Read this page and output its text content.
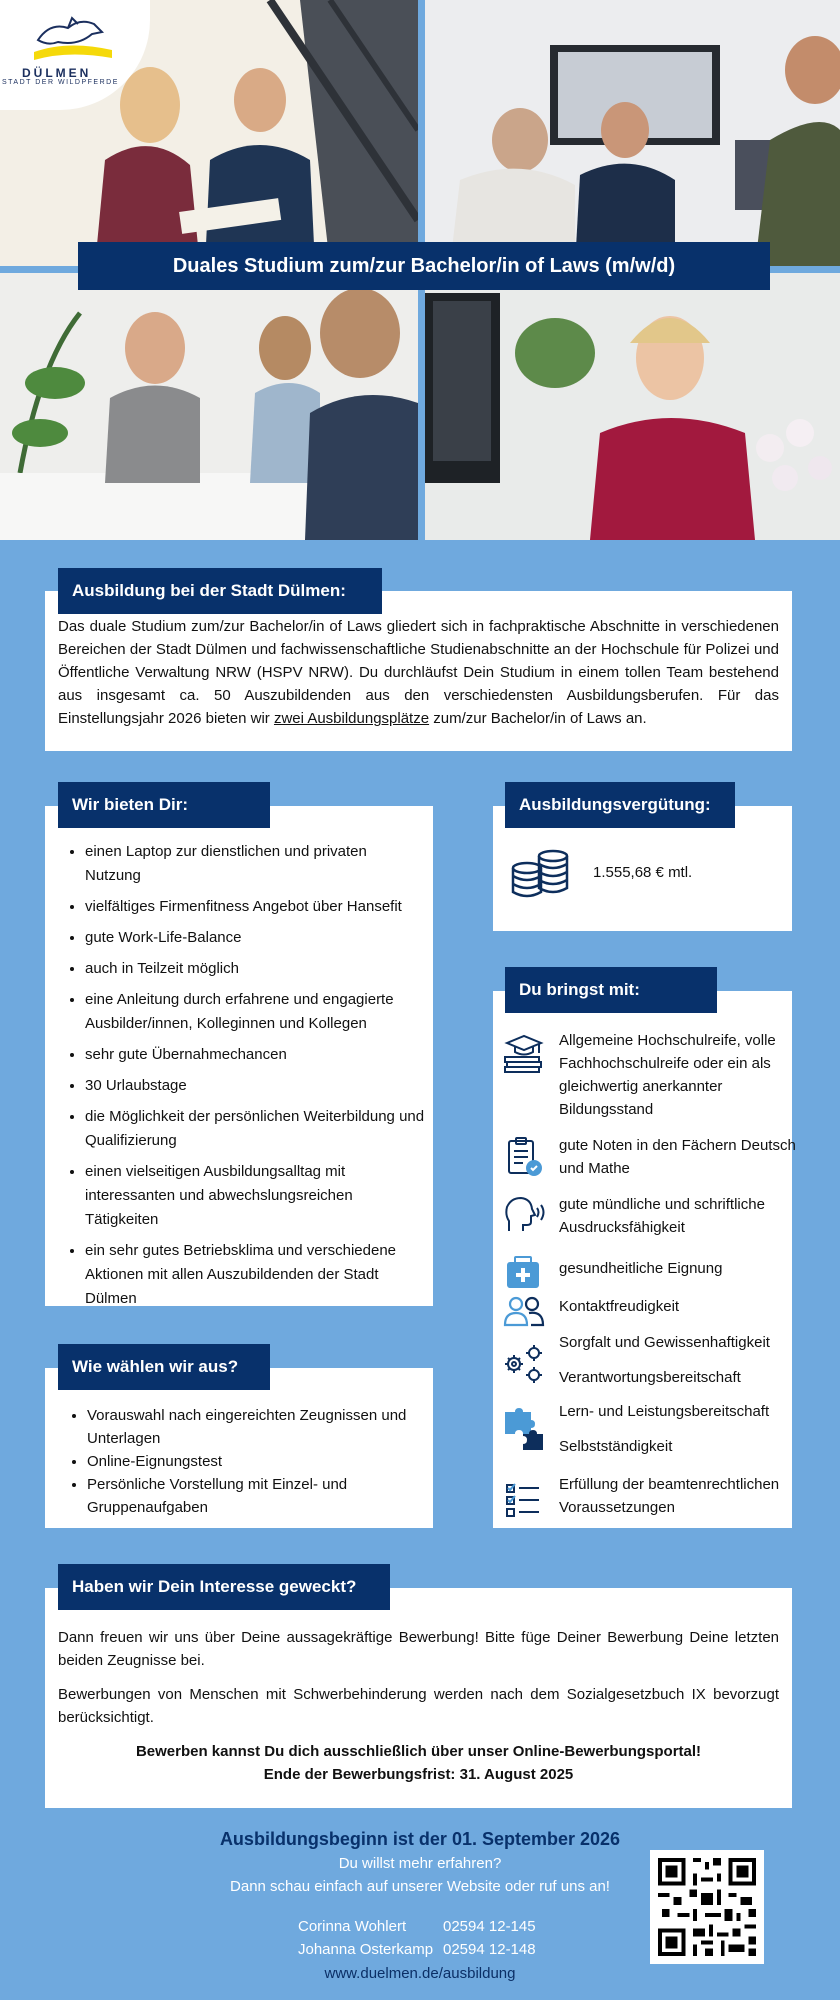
DÜLMEN
STADT DER WILDPFERDE
Duales Studium zum/zur Bachelor/in of Laws (m/w/d)
Ausbildung bei der Stadt Dülmen:
Das duale Studium zum/zur Bachelor/in of Laws gliedert sich in fachpraktische Abschnitte in verschiedenen Bereichen der Stadt Dülmen und fachwissenschaftliche Studienabschnitte an der Hochschule für Polizei und Öffentliche Verwaltung NRW (HSPV NRW). Du durchläufst Dein Studium in einem tollen Team bestehend aus insgesamt ca. 50 Auszubildenden aus den verschiedensten Ausbildungsberufen. Für das Einstellungsjahr 2026 bieten wir zwei Ausbildungsplätze zum/zur Bachelor/in of Laws an.
Wir bieten Dir:
• einen Laptop zur dienstlichen und privaten Nutzung
• vielfältiges Firmenfitness Angebot über Hansefit
• gute Work-Life-Balance
• auch in Teilzeit möglich
• eine Anleitung durch erfahrene und engagierte Ausbilder/innen, Kolleginnen und Kollegen
• sehr gute Übernahmechancen
• 30 Urlaubstage
• die Möglichkeit der persönlichen Weiterbildung und Qualifizierung
• einen vielseitigen Ausbildungsalltag mit interessanten und abwechslungsreichen Tätigkeiten
• ein sehr gutes Betriebsklima und verschiedene Aktionen mit allen Auszubildenden der Stadt Dülmen
Ausbildungsvergütung:
1.555,68 € mtl.
Du bringst mit:
Allgemeine Hochschulreife, volle Fachhochschulreife oder ein als gleichwertig anerkannter Bildungsstand
gute Noten in den Fächern Deutsch und Mathe
gute mündliche und schriftliche Ausdrucksfähigkeit
gesundheitliche Eignung
Kontaktfreudigkeit
Sorgfalt und Gewissenhaftigkeit
Verantwortungsbereitschaft
Lern- und Leistungsbereitschaft
Selbstständigkeit
Erfüllung der beamtenrechtlichen Voraussetzungen
Wie wählen wir aus?
• Vorauswahl nach eingereichten Zeugnissen und Unterlagen
• Online-Eignungstest
• Persönliche Vorstellung mit Einzel- und Gruppenaufgaben
Haben wir Dein Interesse geweckt?
Dann freuen wir uns über Deine aussagekräftige Bewerbung! Bitte füge Deiner Bewerbung Deine letzten beiden Zeugnisse bei.
Bewerbungen von Menschen mit Schwerbehinderung werden nach dem Sozialgesetzbuch IX bevorzugt berücksichtigt.
Bewerben kannst Du dich ausschließlich über unser Online-Bewerbungsportal!
Ende der Bewerbungsfrist: 31. August 2025
Ausbildungsbeginn ist der 01. September 2026
Du willst mehr erfahren?
Dann schau einfach auf unserer Website oder ruf uns an!
Corinna Wohlert 02594 12-145
Johanna Osterkamp 02594 12-148
www.duelmen.de/ausbildung
